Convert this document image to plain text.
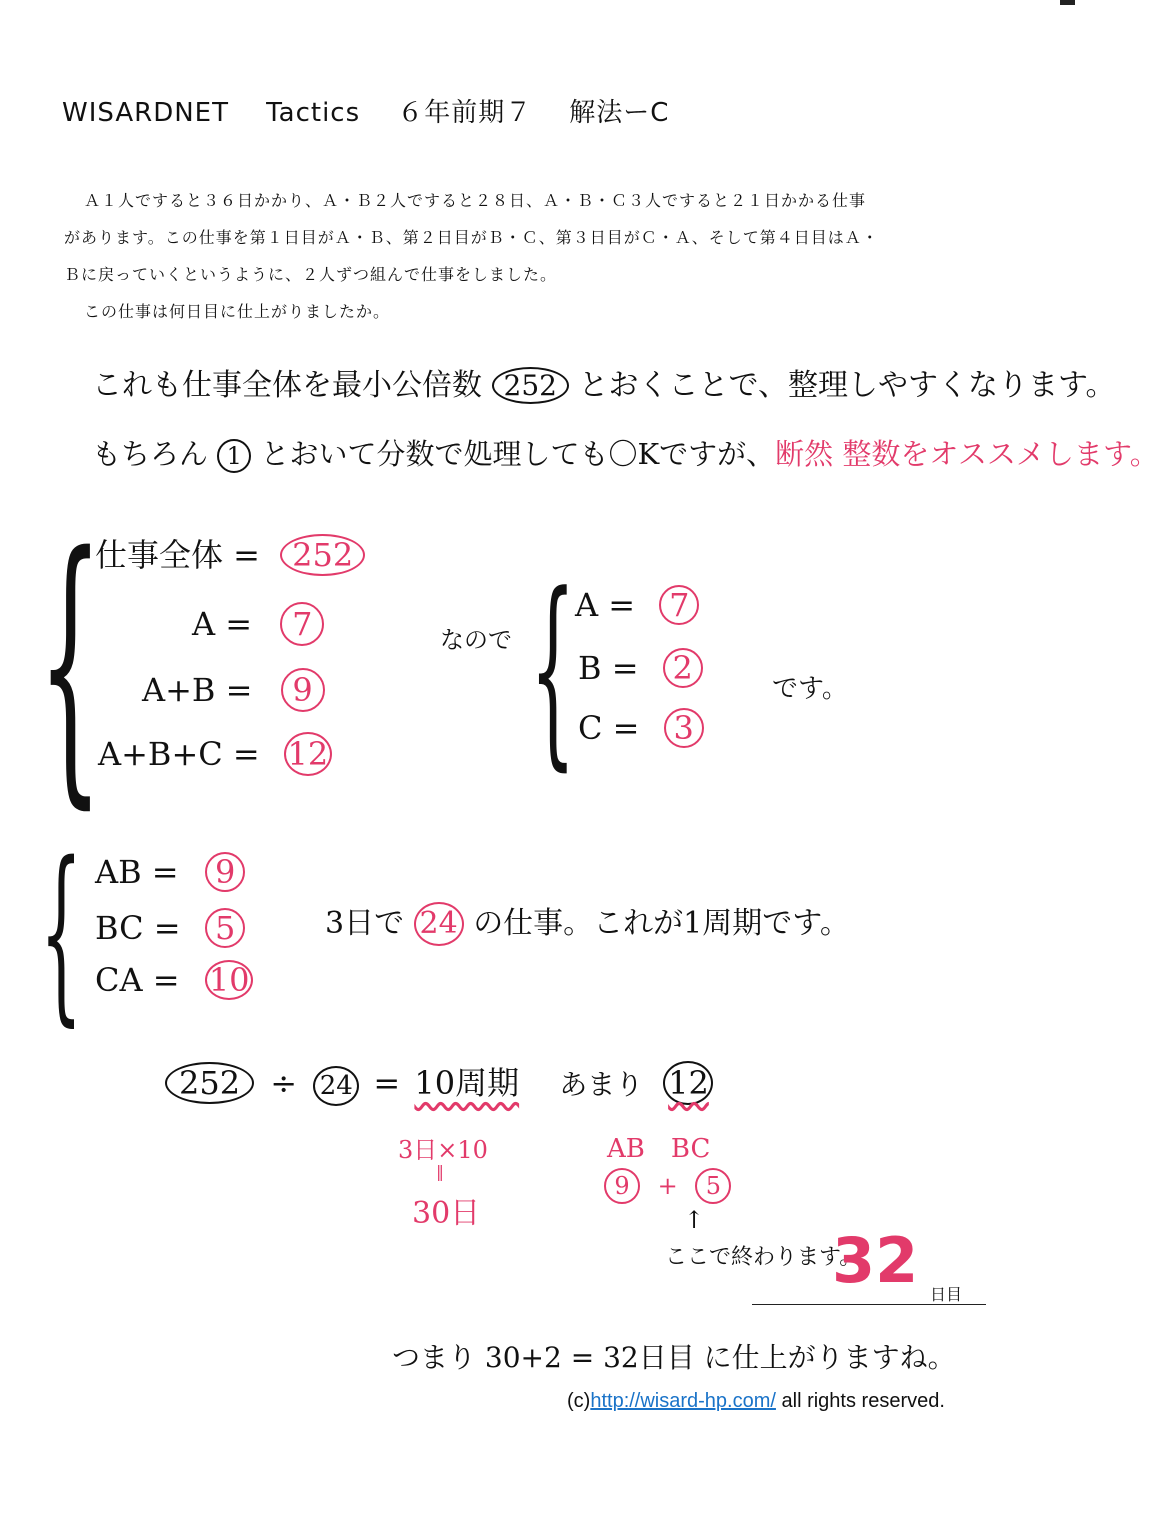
WISARDNET Tactics ６年前期７ 解法ーC
Ａ１人ですると３６日かかり、Ａ・Ｂ２人ですると２８日、Ａ・Ｂ・Ｃ３人ですると２１日かかる仕事
があります。この仕事を第１日目がＡ・Ｂ、第２日目がＢ・Ｃ、第３日目がＣ・Ａ、そして第４日目はＡ・
Ｂに戻っていくというように、２人ずつ組んで仕事をしました。
この仕事は何日目に仕上がりましたか。
これも仕事全体を最小公倍数 252 とおくことで、整理しやすくなります。
もちろん 1 とおいて分数で処理しても〇Kですが、断然 整数をオススメします。
{
仕事全体 = 252
A = 7
A+B = 9
A+B+C = 12
なので { A = 7
B = 2
C = 3
です。
{ AB = 9
BC = 5
CA = 10
3日で 24 の仕事。これが1周期です。
252 ÷ 24 = 10周期 あまり 12
3日×10
‖
30日
AB　BC
9 + 5
↑
ここで終わります。
32 日目
つまり 30+2 = 32日目 に仕上がりますね。
(c)http://wisard-hp.com/ all rights reserved.
